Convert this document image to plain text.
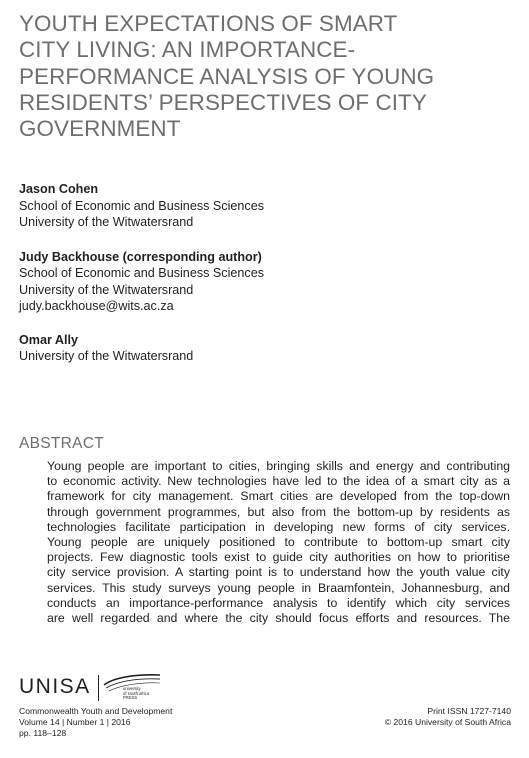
YOUTH EXPECTATIONS OF SMART
CITY LIVING: AN IMPORTANCE-
PERFORMANCE ANALYSIS OF YOUNG
RESIDENTS’ PERSPECTIVES OF CITY
GOVERNMENT
Jason Cohen
School of Economic and Business Sciences
University of the Witwatersrand
Judy Backhouse (corresponding author)
School of Economic and Business Sciences
University of the Witwatersrand
judy.backhouse@wits.ac.za
Omar Ally
University of the Witwatersrand
ABSTRACT
Young people are important to cities, bringing skills and energy and contributing
to economic activity. New technologies have led to the idea of a smart city as a
framework for city management. Smart cities are developed from the top-down
through government programmes, but also from the bottom-up by residents as
technologies facilitate participation in developing new forms of city services.
Young people are uniquely positioned to contribute to bottom-up smart city
projects. Few diagnostic tools exist to guide city authorities on how to prioritise
city service provision. A starting point is to understand how the youth value city
services. This study surveys young people in Braamfontein, Johannesburg, and
conducts an importance-performance analysis to identify which city services
are well regarded and where the city should focus efforts and resources. The
UNISA	university
of south africa
PRESS
Commonwealth Youth and Development
Volume 14 | Number 1 | 2016
pp. 118–128
Print ISSN 1727-7140
© 2016 University of South Africa
